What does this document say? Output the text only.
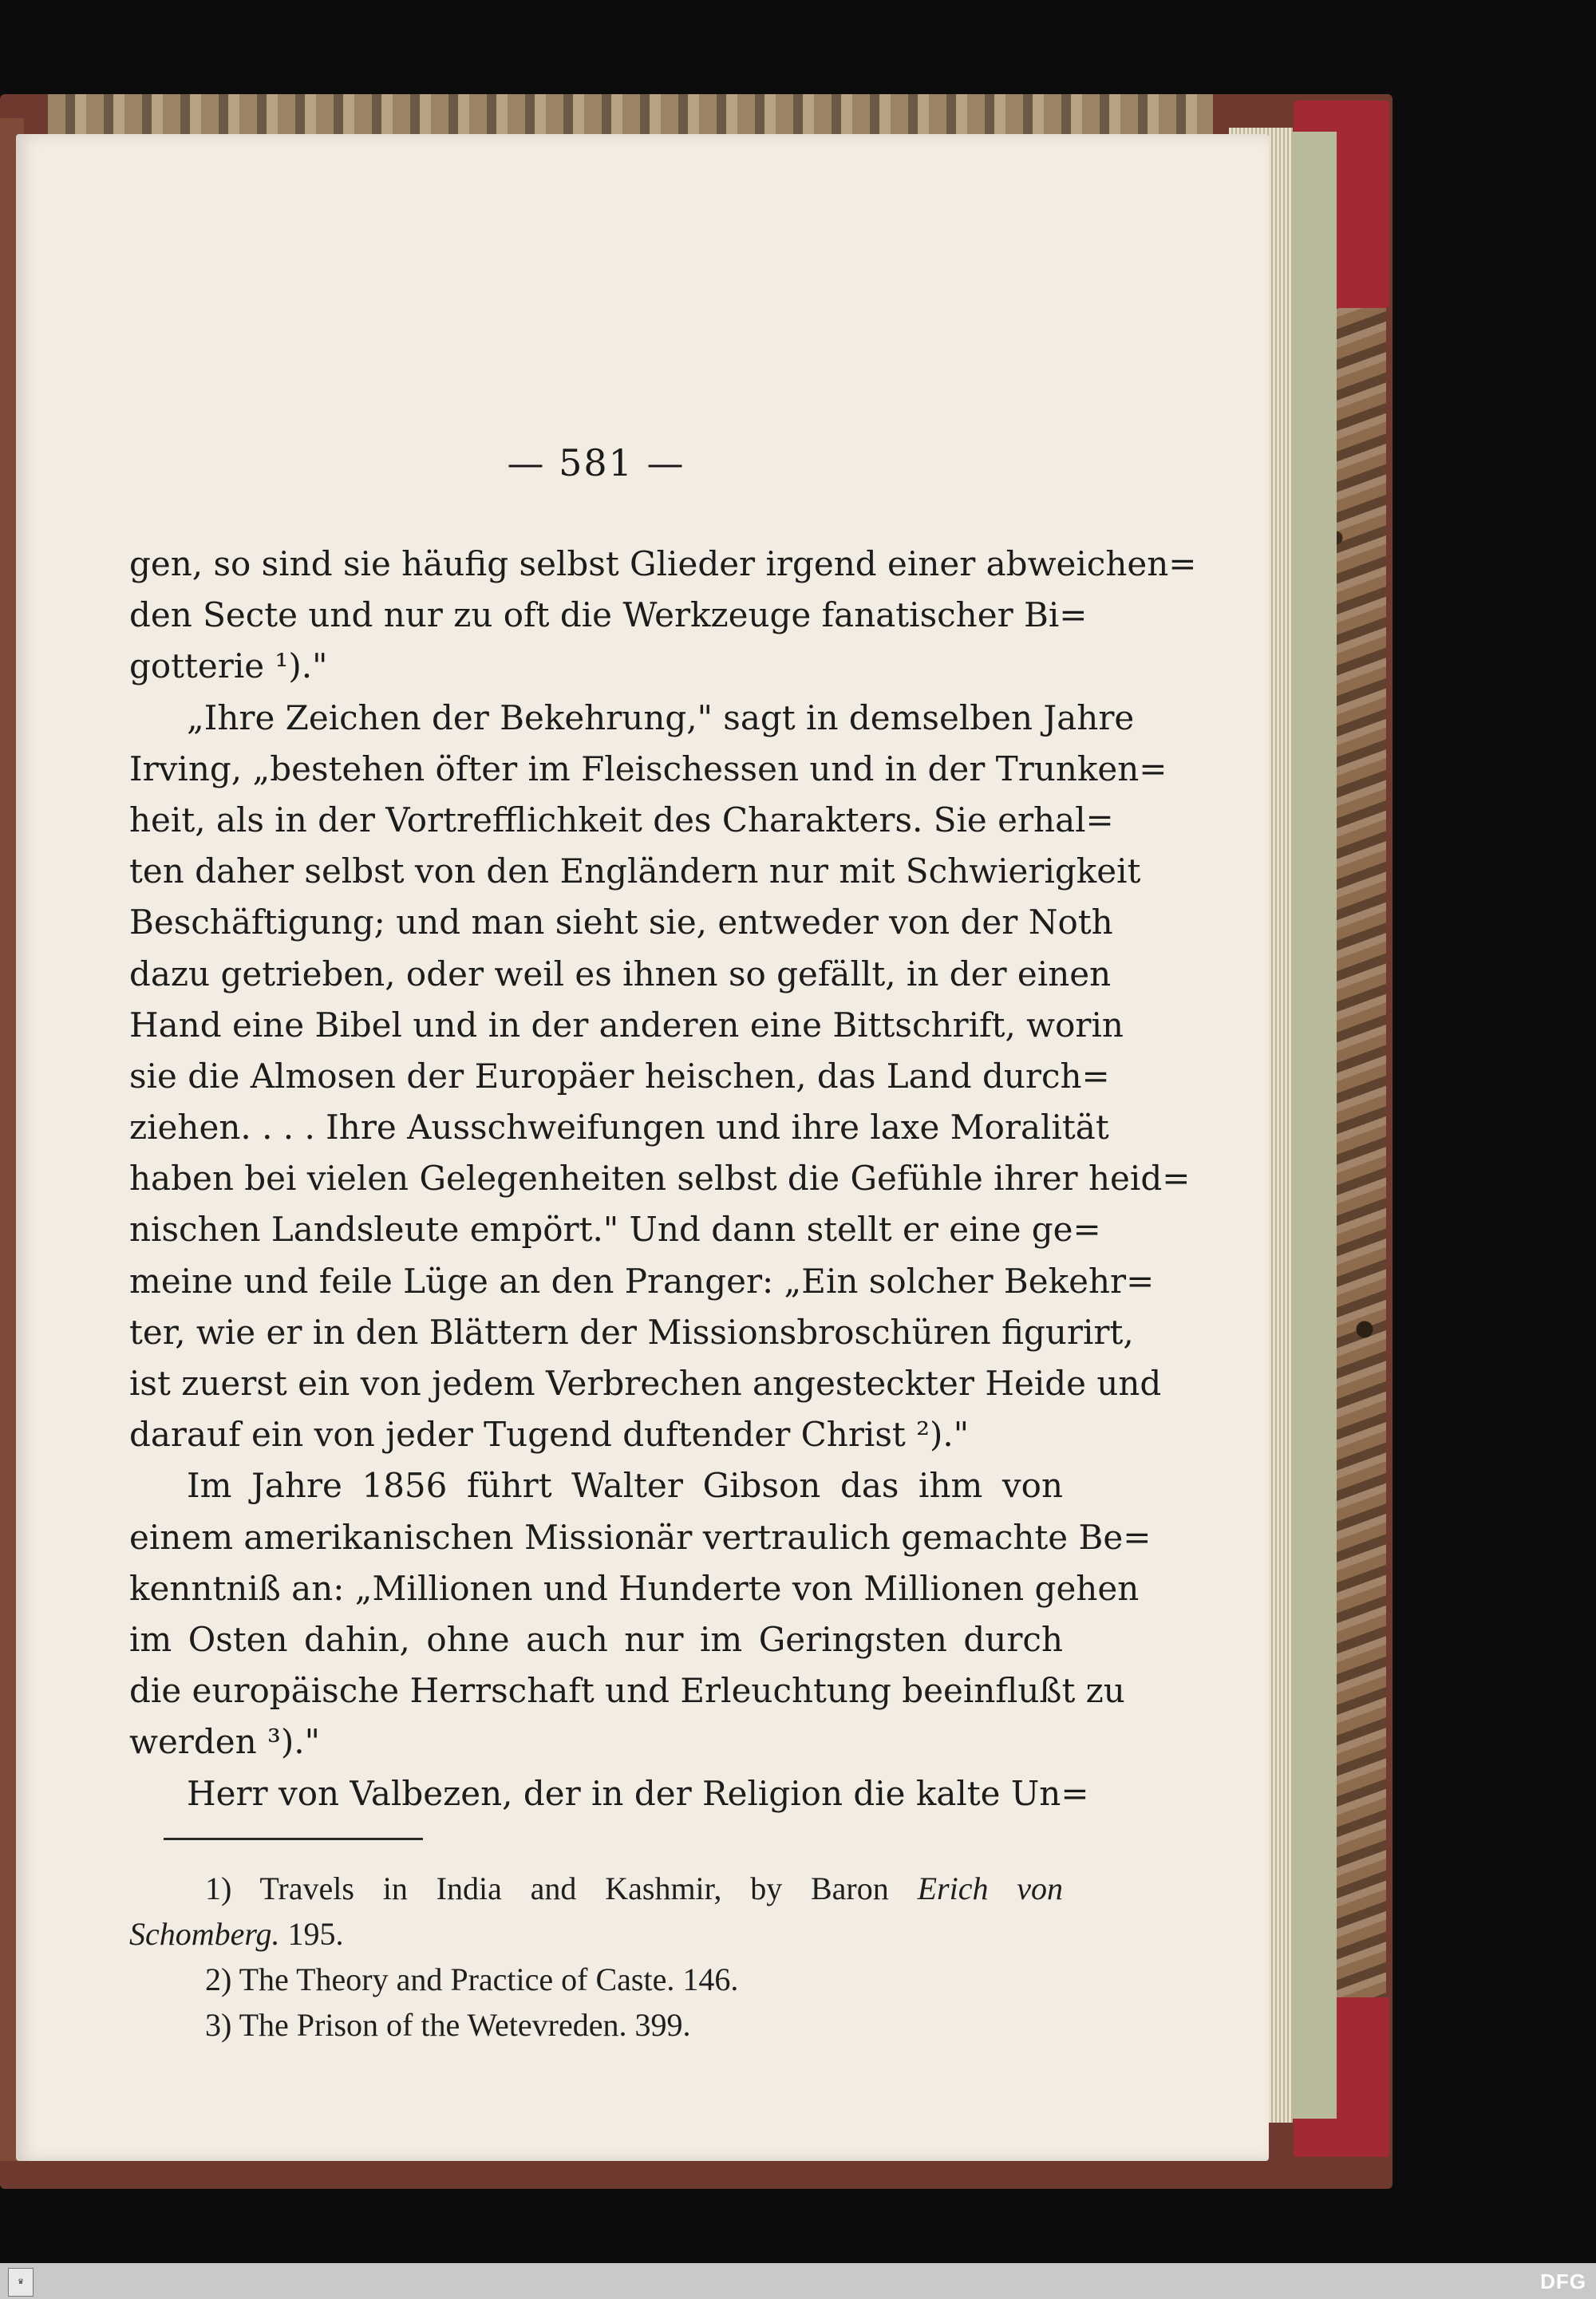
— 581 —
gen, so sind sie häufig selbst Glieder irgend einer abweichen=
den Secte und nur zu oft die Werkzeuge fanatischer Bi=
gotterie ¹)."
„Ihre Zeichen der Bekehrung," sagt in demselben Jahre
Irving, „bestehen öfter im Fleischessen und in der Trunken=
heit, als in der Vortrefflichkeit des Charakters. Sie erhal=
ten daher selbst von den Engländern nur mit Schwierigkeit
Beschäftigung; und man sieht sie, entweder von der Noth
dazu getrieben, oder weil es ihnen so gefällt, in der einen
Hand eine Bibel und in der anderen eine Bittschrift, worin
sie die Almosen der Europäer heischen, das Land durch=
ziehen. . . . Ihre Ausschweifungen und ihre laxe Moralität
haben bei vielen Gelegenheiten selbst die Gefühle ihrer heid=
nischen Landsleute empört." Und dann stellt er eine ge=
meine und feile Lüge an den Pranger: „Ein solcher Bekehr=
ter, wie er in den Blättern der Missionsbroschüren figurirt,
ist zuerst ein von jedem Verbrechen angesteckter Heide und
darauf ein von jeder Tugend duftender Christ ²)."
Im Jahre 1856 führt Walter Gibson das ihm von
einem amerikanischen Missionär vertraulich gemachte Be=
kenntniß an: „Millionen und Hunderte von Millionen gehen
im Osten dahin, ohne auch nur im Geringsten durch
die europäische Herrschaft und Erleuchtung beeinflußt zu
werden ³)."
Herr von Valbezen, der in der Religion die kalte Un=
1) Travels in India and Kashmir, by Baron Erich von
Schomberg. 195.
2) The Theory and Practice of Caste. 146.
3) The Prison of the Wetevreden. 399.
♛	DFG
